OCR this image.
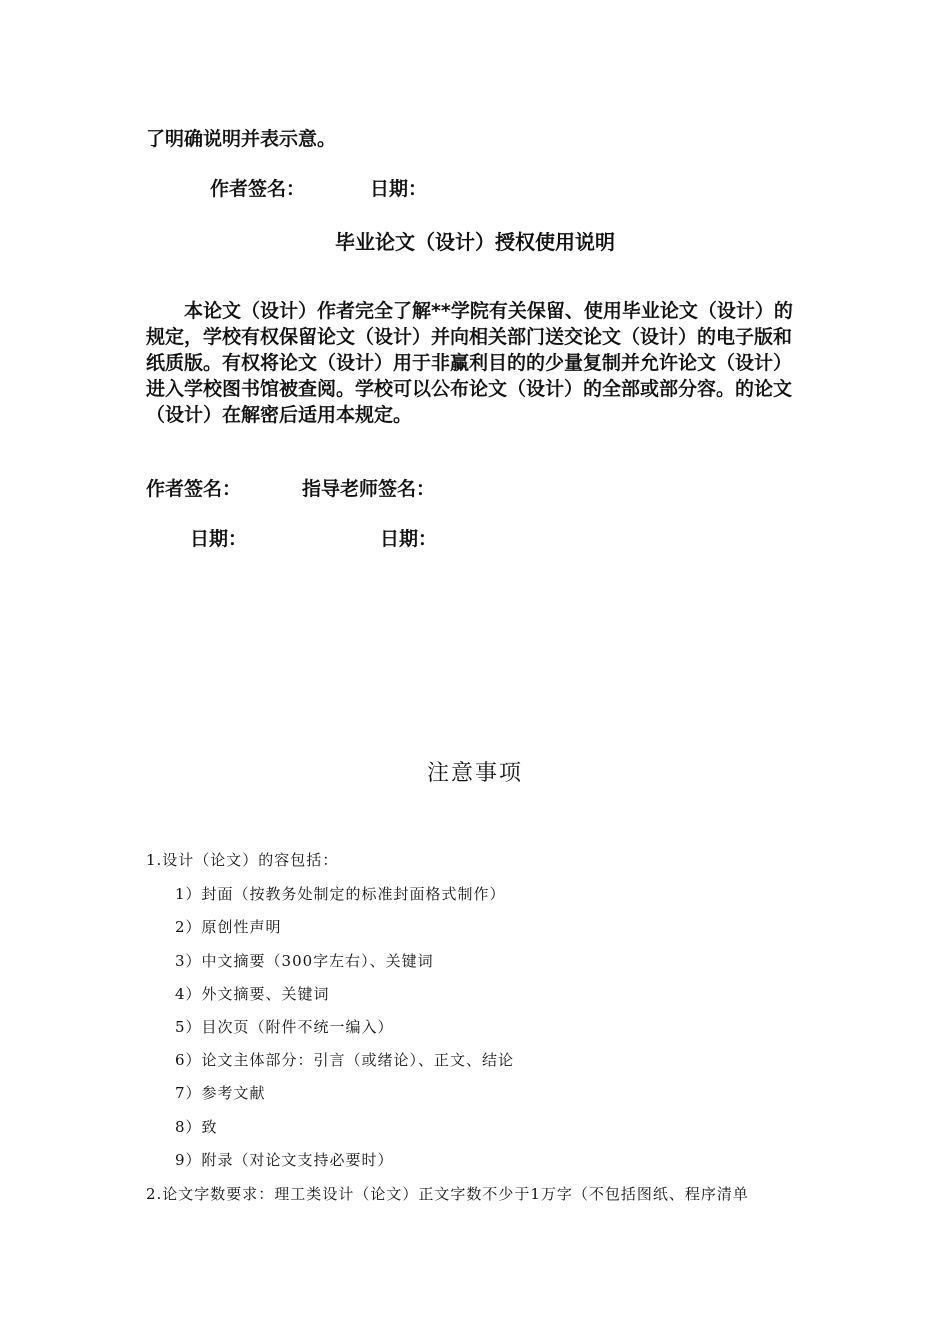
了明确说明并表示意。

作者签名：	日期：

毕业论文（设计）授权使用说明

本论文（设计）作者完全了解**学院有关保留、使用毕业论文（设计）的规定，学校有权保留论文（设计）并向相关部门送交论文（设计）的电子版和纸质版。有权将论文（设计）用于非赢利目的的少量复制并允许论文（设计）进入学校图书馆被查阅。学校可以公布论文（设计）的全部或部分容。的论文（设计）在解密后适用本规定。

作者签名：	指导老师签名：

日期：	日期：

注意事项

1.设计（论文）的容包括：

1）封面（按教务处制定的标准封面格式制作）

2）原创性声明

3）中文摘要（300字左右）、关键词

4）外文摘要、关键词

5）目次页（附件不统一编入）

6）论文主体部分：引言（或绪论）、正文、结论

7）参考文献

8）致

9）附录（对论文支持必要时）

2.论文字数要求：理工类设计（论文）正文字数不少于1万字（不包括图纸、程序清单
